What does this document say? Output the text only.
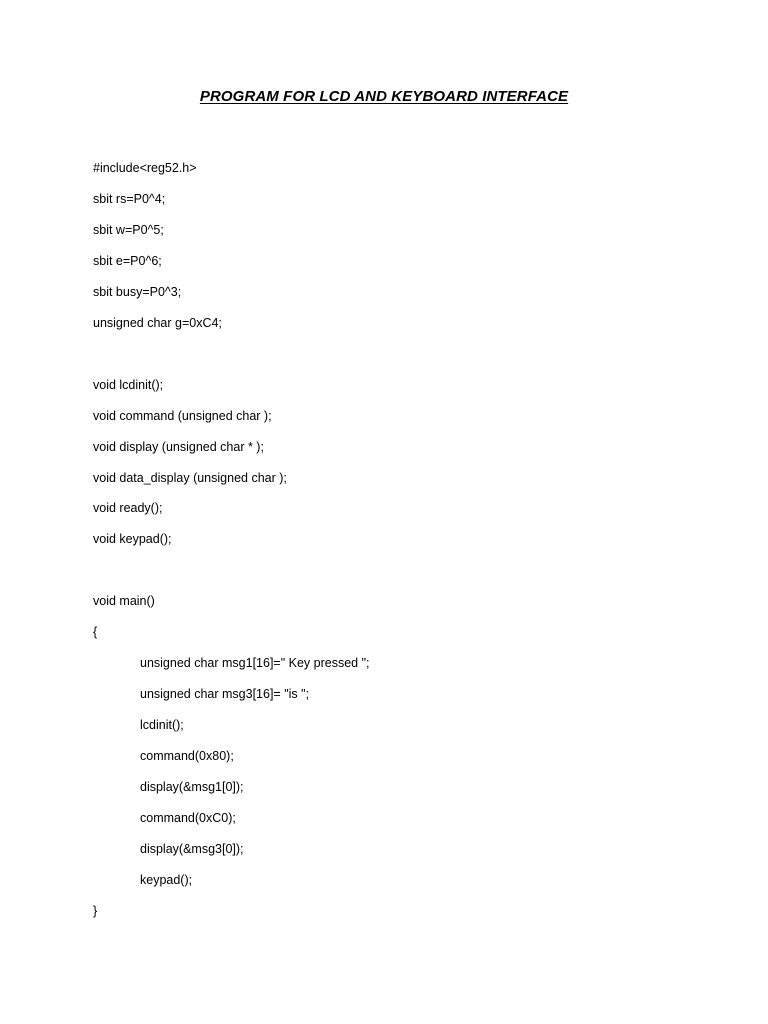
PROGRAM FOR LCD AND KEYBOARD INTERFACE
#include<reg52.h>
sbit rs=P0^4;
sbit w=P0^5;
sbit e=P0^6;
sbit busy=P0^3;
unsigned char g=0xC4;
void lcdinit();
void command (unsigned char );
void display (unsigned char * );
void data_display (unsigned char );
void ready();
void keypad();
void main()
{
unsigned char msg1[16]=" Key pressed ";
unsigned char msg3[16]= "is ";
lcdinit();
command(0x80);
display(&msg1[0]);
command(0xC0);
display(&msg3[0]);
keypad();
}
